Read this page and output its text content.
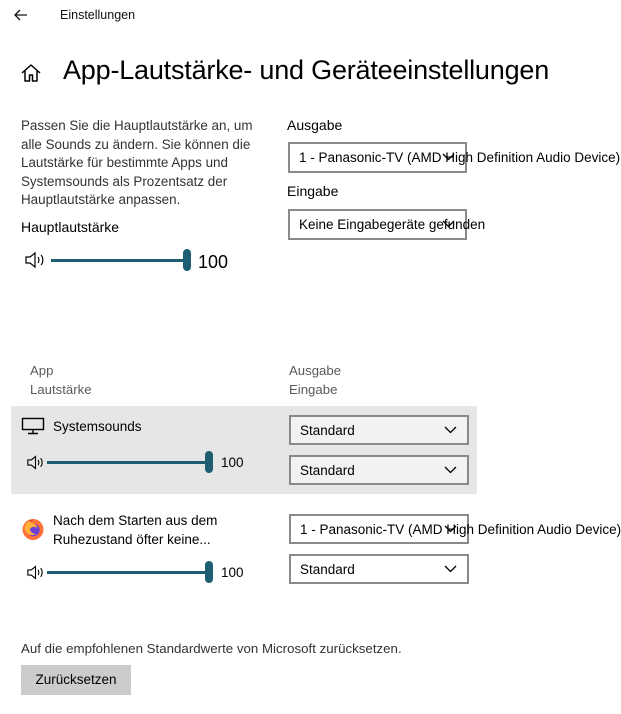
Einstellungen
App-Lautstärke- und Geräteeinstellungen
Passen Sie die Hauptlautstärke an, um alle Sounds zu ändern. Sie können die Lautstärke für bestimmte Apps und Systemsounds als Prozentsatz der Hauptlautstärke anpassen.
Hauptlautstärke
100
Ausgabe
1 - Panasonic-TV (AMD High Definition Audio Device)
Eingabe
Keine Eingabegeräte gefunden
App
Lautstärke
Ausgabe
Eingabe
Systemsounds
100
Standard
Standard
Nach dem Starten aus dem Ruhezustand öfter keine...
100
1 - Panasonic-TV (AMD High Definition Audio Device)
Standard
Auf die empfohlenen Standardwerte von Microsoft zurücksetzen.
Zurücksetzen
